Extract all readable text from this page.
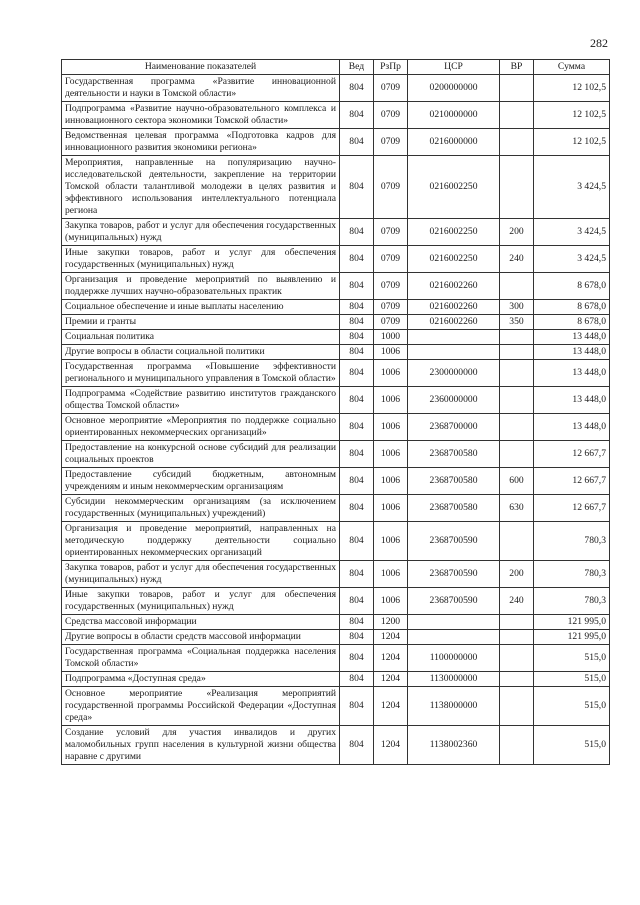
282
Наименование показателей	Вед	РзПр	ЦСР	ВР	Сумма
Государственная программа «Развитие инновационной деятельности и науки в Томской области»	804	0709	0200000000		12 102,5
Подпрограмма «Развитие научно-образовательного комплекса и инновационного сектора экономики Томской области»	804	0709	0210000000		12 102,5
Ведомственная целевая программа «Подготовка кадров для инновационного развития экономики региона»	804	0709	0216000000		12 102,5
Мероприятия, направленные на популяризацию научно-исследовательской деятельности, закрепление на территории Томской области талантливой молодежи в целях развития и эффективного использования интеллектуального потенциала региона	804	0709	0216002250		3 424,5
Закупка товаров, работ и услуг для обеспечения государственных (муниципальных) нужд	804	0709	0216002250	200	3 424,5
Иные закупки товаров, работ и услуг для обеспечения государственных (муниципальных) нужд	804	0709	0216002250	240	3 424,5
Организация и проведение мероприятий по выявлению и поддержке лучших научно-образовательных практик	804	0709	0216002260		8 678,0
Социальное обеспечение и иные выплаты населению	804	0709	0216002260	300	8 678,0
Премии и гранты	804	0709	0216002260	350	8 678,0
Социальная политика	804	1000			13 448,0
Другие вопросы в области социальной политики	804	1006			13 448,0
Государственная программа «Повышение эффективности регионального и муниципального управления в Томской области»	804	1006	2300000000		13 448,0
Подпрограмма «Содействие развитию институтов гражданского общества Томской области»	804	1006	2360000000		13 448,0
Основное мероприятие «Мероприятия по поддержке социально ориентированных некоммерческих организаций»	804	1006	2368700000		13 448,0
Предоставление на конкурсной основе субсидий для реализации социальных проектов	804	1006	2368700580		12 667,7
Предоставление субсидий бюджетным, автономным учреждениям и иным некоммерческим организациям	804	1006	2368700580	600	12 667,7
Субсидии некоммерческим организациям (за исключением государственных (муниципальных) учреждений)	804	1006	2368700580	630	12 667,7
Организация и проведение мероприятий, направленных на методическую поддержку деятельности социально ориентированных некоммерческих организаций	804	1006	2368700590		780,3
Закупка товаров, работ и услуг для обеспечения государственных (муниципальных) нужд	804	1006	2368700590	200	780,3
Иные закупки товаров, работ и услуг для обеспечения государственных (муниципальных) нужд	804	1006	2368700590	240	780,3
Средства массовой информации	804	1200			121 995,0
Другие вопросы в области средств массовой информации	804	1204			121 995,0
Государственная программа «Социальная поддержка населения Томской области»	804	1204	1100000000		515,0
Подпрограмма «Доступная среда»	804	1204	1130000000		515,0
Основное мероприятие «Реализация мероприятий государственной программы Российской Федерации «Доступная среда»	804	1204	1138000000		515,0
Создание условий для участия инвалидов и других маломобильных групп населения в культурной жизни общества наравне с другими	804	1204	1138002360		515,0
